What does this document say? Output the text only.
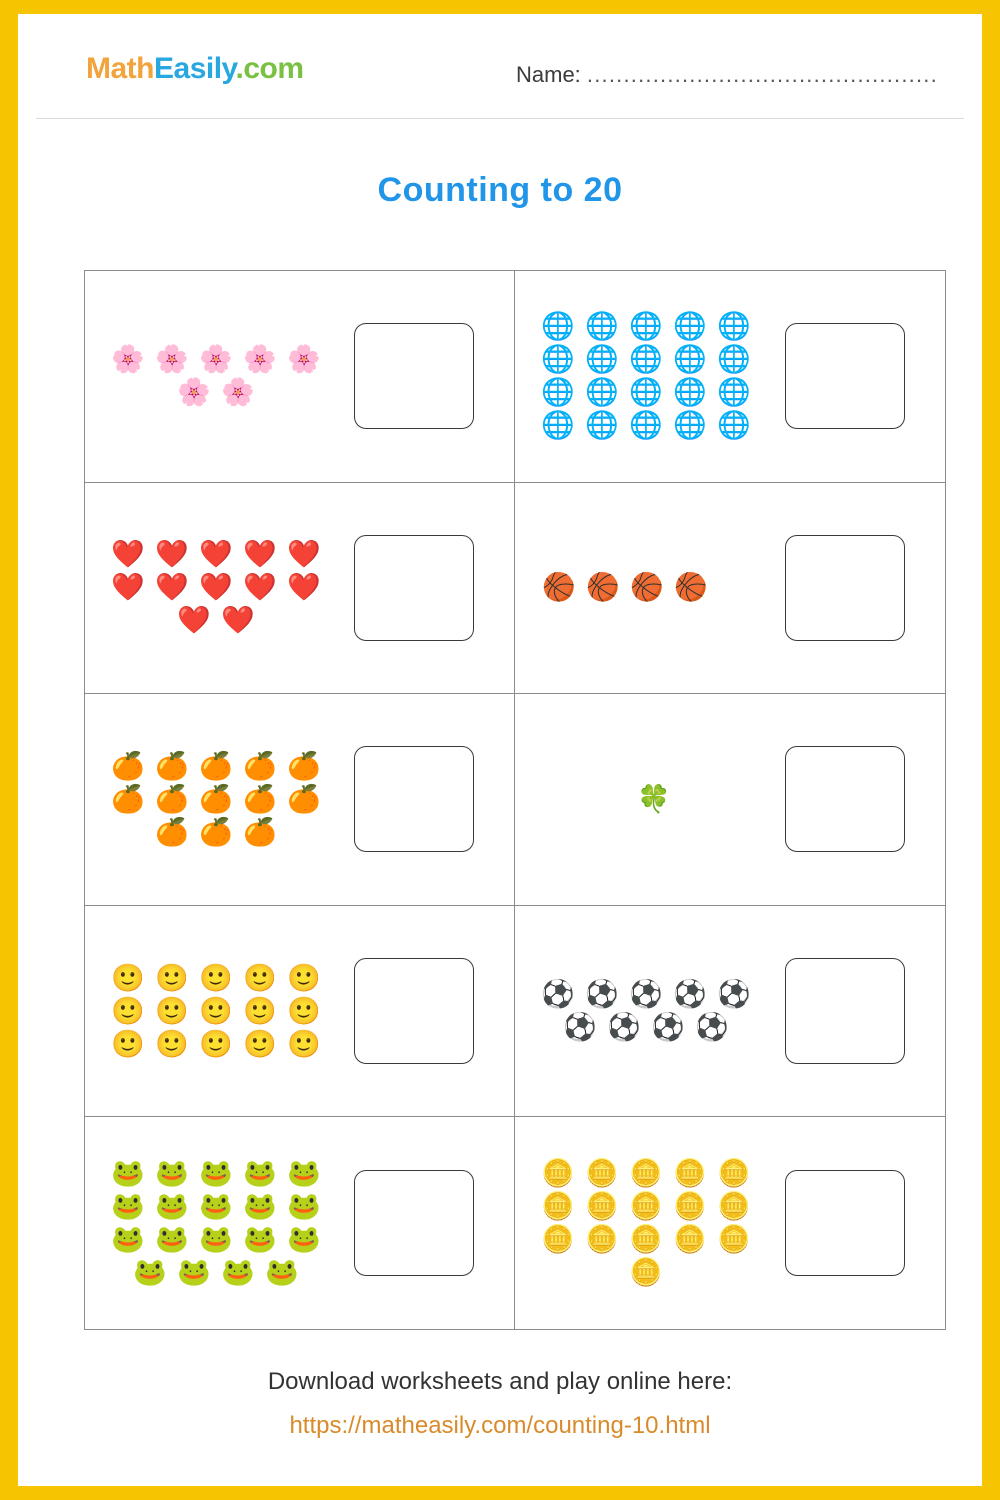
MathEasily.com	Name: ................................................
Counting to 20
🌸 🌸 🌸 🌸 🌸
🌸 🌸
🌐 🌐 🌐 🌐 🌐
🌐 🌐 🌐 🌐 🌐
🌐 🌐 🌐 🌐 🌐
🌐 🌐 🌐 🌐 🌐
❤️ ❤️ ❤️ ❤️ ❤️
❤️ ❤️ ❤️ ❤️ ❤️
❤️ ❤️
🏀 🏀 🏀 🏀
🍊 🍊 🍊 🍊 🍊
🍊 🍊 🍊 🍊 🍊
🍊 🍊 🍊
🍀
🙂 🙂 🙂 🙂 🙂
🙂 🙂 🙂 🙂 🙂
🙂 🙂 🙂 🙂 🙂
⚽ ⚽ ⚽ ⚽ ⚽
⚽ ⚽ ⚽ ⚽
🐸 🐸 🐸 🐸 🐸
🐸 🐸 🐸 🐸 🐸
🐸 🐸 🐸 🐸 🐸
🐸 🐸 🐸 🐸
🪙 🪙 🪙 🪙 🪙
🪙 🪙 🪙 🪙 🪙
🪙 🪙 🪙 🪙 🪙
🪙
Download worksheets and play online here:
https://matheasily.com/counting-10.html
